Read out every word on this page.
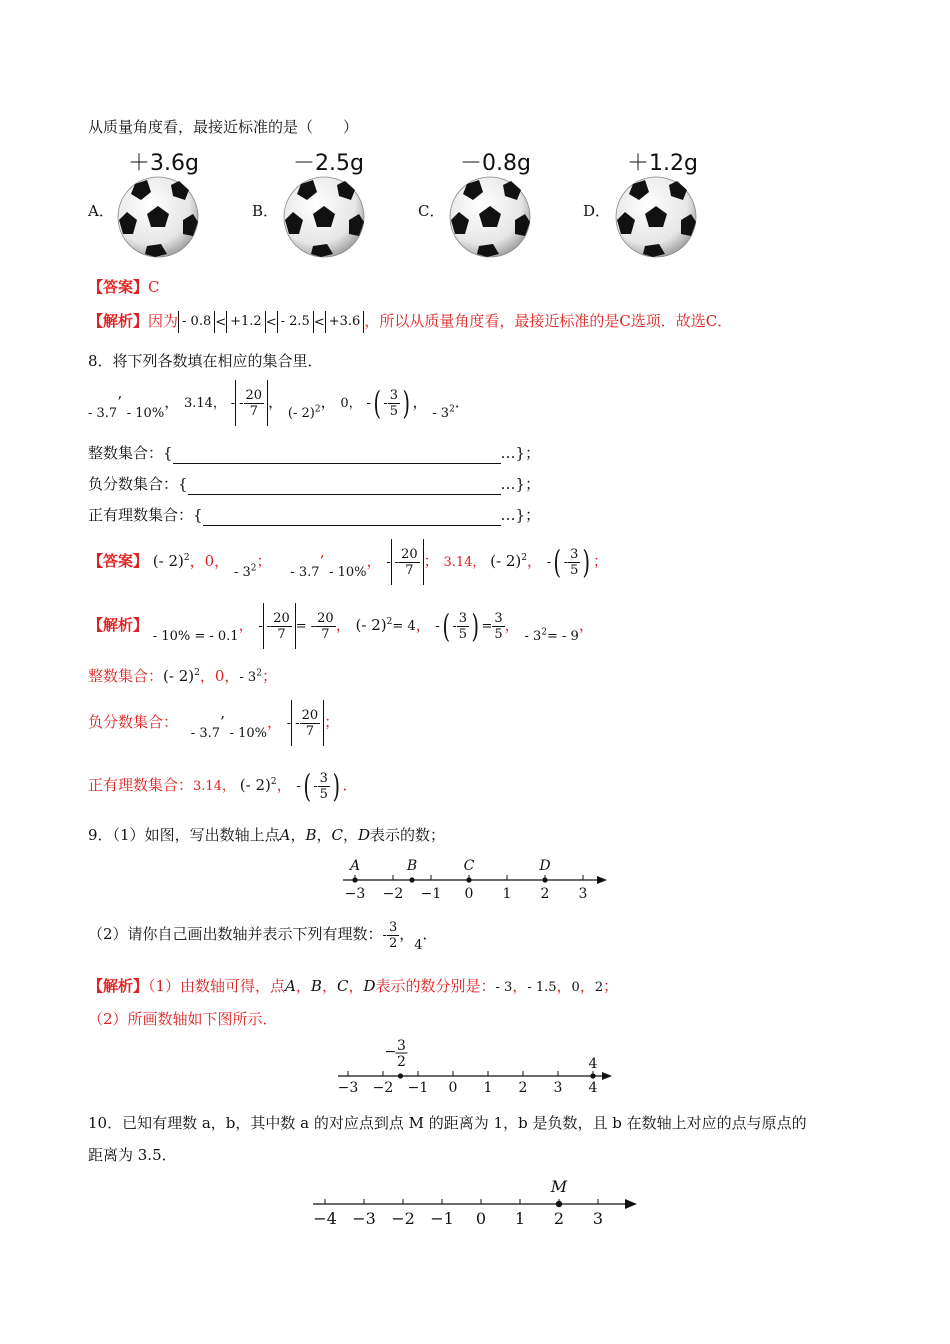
从质量角度看，最接近标准的是（　　）
A．	B．	C．	D．
＋3.6g	－2.5g	－0.8g	＋1.2g
【答案】C
【解析】因为 - 0.8 < +1.2 < - 2.5 < +3.6 ，所以从质量角度看，最接近标准的是C选项．故选C．
8．将下列各数填在相应的集合里．
- 3.7’ - 10%， 3.14， - - $\frac{20}{7}$ ， (- 2)$^2$， 0， -( - $\frac{3}{5}$ ) ， - $3^2$．
整数集合：{	…}；
负分数集合：{	…}；
正有理数集合：{	…}；
【答案】 (- 2)$^2$，0， - $3^2$； - 3.7’ - 10%， - - $\frac{20}{7}$ ； 3.14， (- 2)$^2$， -( - $\frac{3}{5}$ ) ；
【解析】 - 10% = - 0.1， - - $\frac{20}{7}$ = - $\frac{20}{7}$ ， (- 2)$^2$= 4， -( - $\frac{3}{5}$ ) = $\frac{3}{5}$ ， - $3^2= - 9$，
整数集合：(- 2)$^2$，0，- $3^2$；
负分数集合： - 3.7’ - 10%， - - $\frac{20}{7}$ ；
正有理数集合：3.14， (- 2)$^2$， -( - $\frac{3}{5}$ ) ．
9．（1）如图，写出数轴上点A，B，C，D表示的数；
−3 −2 −1 0 1 2 3
A	B	C	D
（2）请你自己画出数轴并表示下列有理数：- $\frac{3}{2}$ ，4．
【解析】（1）由数轴可得，点A，B，C，D表示的数分别是：- 3，- 1.5，0，2；
（2）所画数轴如下图所示．
−3 −2 −1 0 1 2 3 4
− 3
2	4
10．已知有理数 a，b，其中数 a 的对应点到点 M 的距离为 1，b 是负数，且 b 在数轴上对应的点与原点的
距离为 3.5．
−4 −3 −2 −1 0 1 2 3
M
